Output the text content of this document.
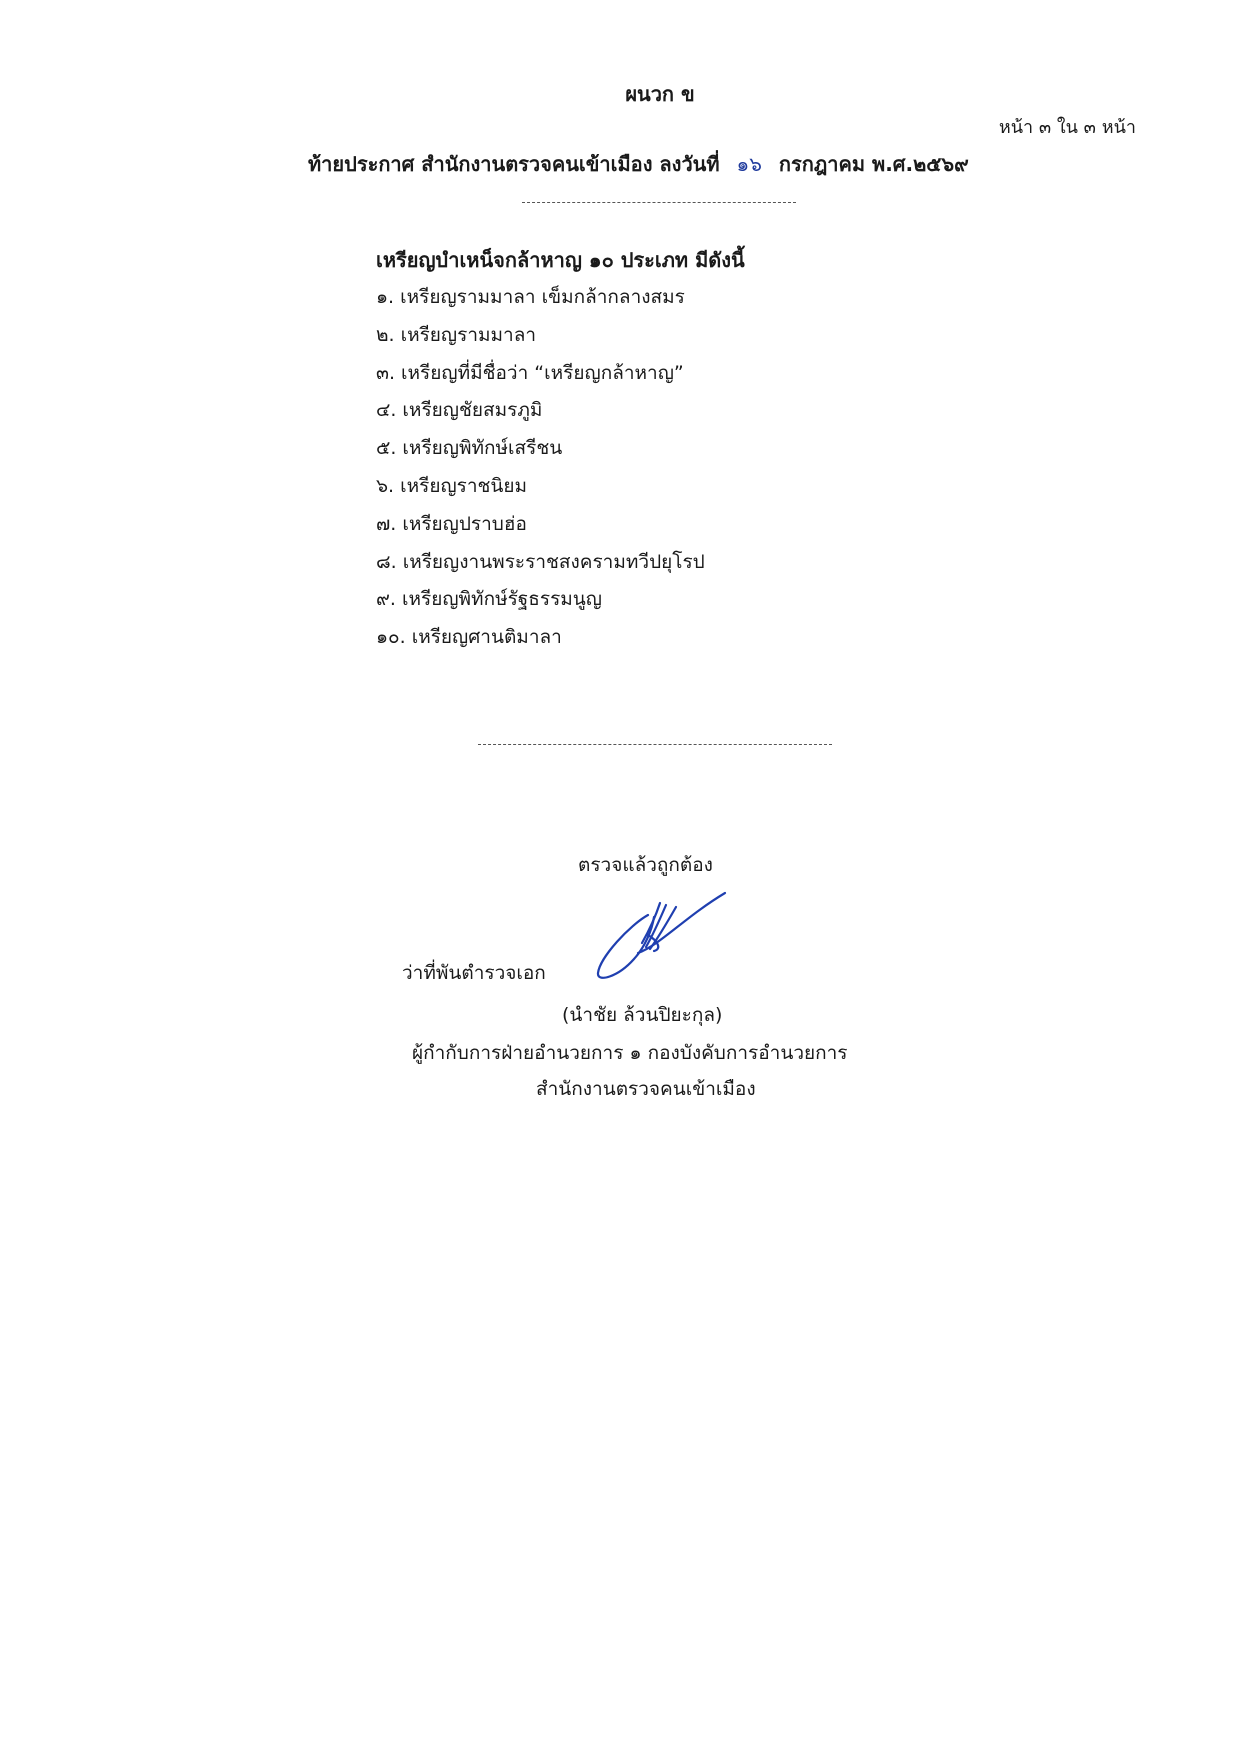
ผนวก ข
หน้า ๓ ใน ๓ หน้า
ท้ายประกาศ สำนักงานตรวจคนเข้าเมือง ลงวันที่ ๑๖ กรกฎาคม พ.ศ.๒๕๖๙
เหรียญบำเหน็จกล้าหาญ ๑๐ ประเภท มีดังนี้
๑. เหรียญรามมาลา เข็มกล้ากลางสมร
๒. เหรียญรามมาลา
๓. เหรียญที่มีชื่อว่า “เหรียญกล้าหาญ”
๔. เหรียญชัยสมรภูมิ
๕. เหรียญพิทักษ์เสรีชน
๖. เหรียญราชนิยม
๗. เหรียญปราบฮ่อ
๘. เหรียญงานพระราชสงครามทวีปยุโรป
๙. เหรียญพิทักษ์รัฐธรรมนูญ
๑๐. เหรียญศานติมาลา
ตรวจแล้วถูกต้อง
ว่าที่พันตำรวจเอก
(นำชัย ล้วนปิยะกุล)
ผู้กำกับการฝ่ายอำนวยการ ๑ กองบังคับการอำนวยการ
สำนักงานตรวจคนเข้าเมือง
